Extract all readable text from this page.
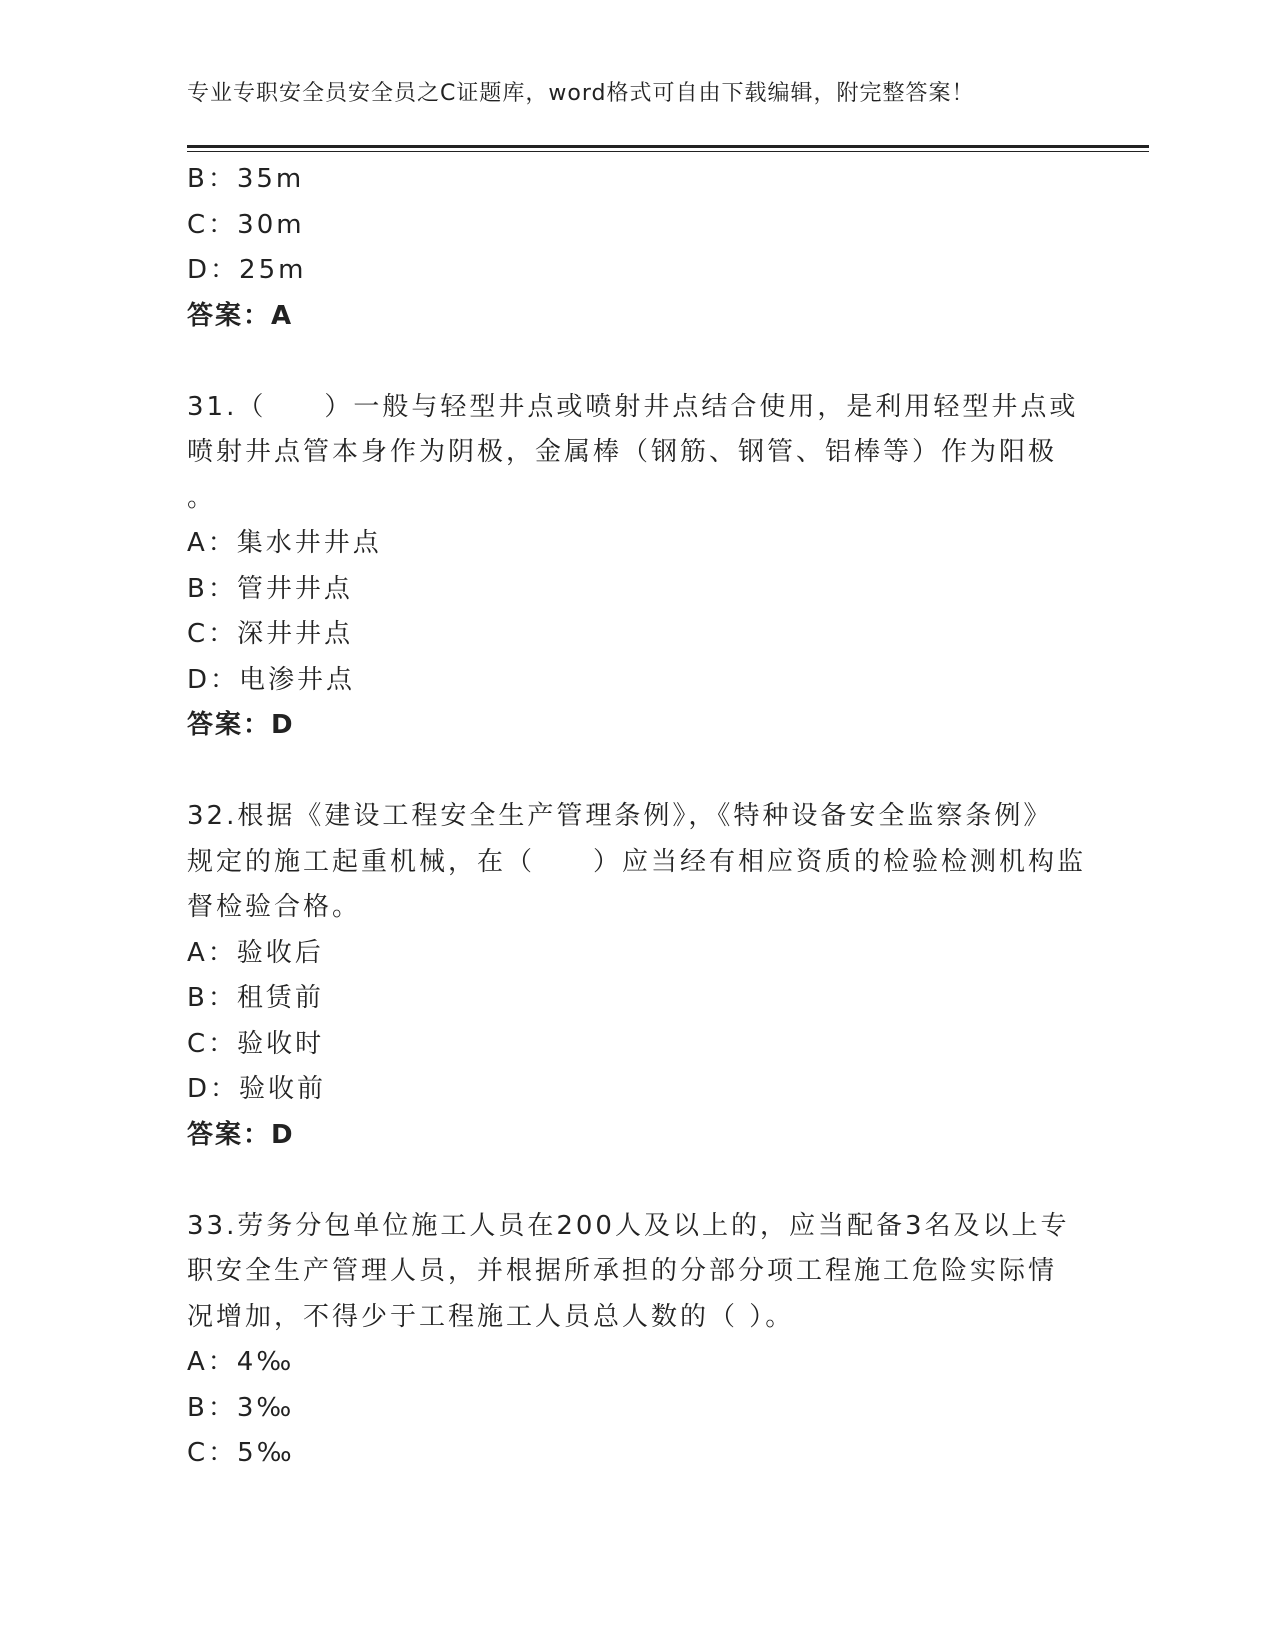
专业专职安全员安全员之C证题库，word格式可自由下载编辑，附完整答案！
B：35m
C：30m
D：25m
答案：A
31.（　　）一般与轻型井点或喷射井点结合使用，是利用轻型井点或
喷射井点管本身作为阴极，金属棒（钢筋、钢管、铝棒等）作为阳极
。
A：集水井井点
B：管井井点
C：深井井点
D：电渗井点
答案：D
32.根据《建设工程安全生产管理条例》，《特种设备安全监察条例》
规定的施工起重机械，在（　　）应当经有相应资质的检验检测机构监
督检验合格。
A：验收后
B：租赁前
C：验收时
D：验收前
答案：D
33.劳务分包单位施工人员在200人及以上的，应当配备3名及以上专
职安全生产管理人员，并根据所承担的分部分项工程施工危险实际情
况增加，不得少于工程施工人员总人数的（ ）。
A：4‰
B：3‰
C：5‰
